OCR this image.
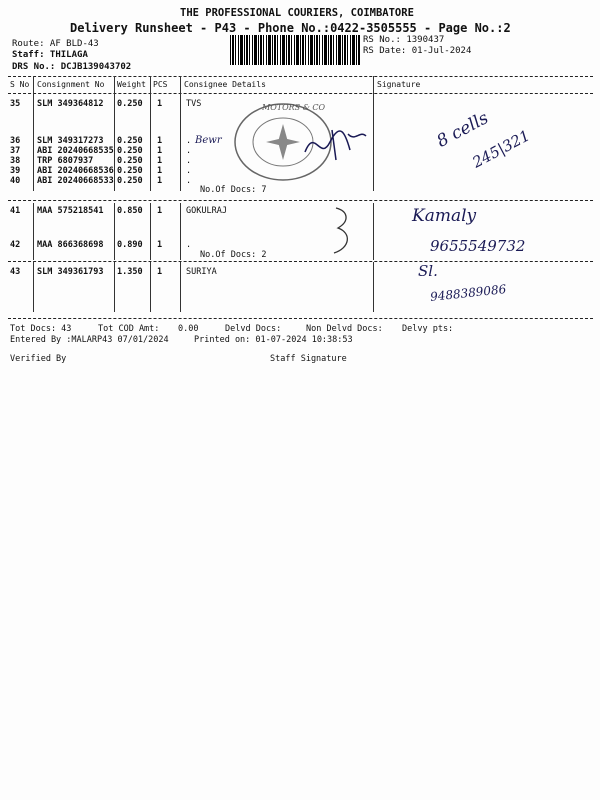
THE PROFESSIONAL COURIERS, COIMBATORE
Delivery Runsheet - P43 - Phone No.:0422-3505555 - Page No.:2
Route: AF BLD-43
Staff: THILAGA
DRS No.: DCJB139043702
RS No.: 1390437
RS Date: 01-Jul-2024
S No Consignment No Weight PCS Consignee Details	Signature
35 SLM 349364812 0.250 1	TVS
36 SLM 349317273 0.250 1	.
37 ABI 20240668535 0.250 1	.
38 TRP 6807937	0.250 1	.
39 ABI 20240668536 0.250 1	.
40 ABI 20240668533 0.250 1	.
No.Of Docs: 7
41 MAA 575218541 0.850 1	GOKULRAJ
42 MAA 866368698 0.890 1	.
No.Of Docs: 2
43 SLM 349361793 1.350 1	SURIYA
MOTORS & CO
Bewr	8 cells
245|321
Kamaly
9655549732
Sl.
9488389086
Tot Docs: 43	Tot COD Amt: 0.00	Delvd Docs:	Non Delvd Docs: Delvy pts:
Entered By :MALARP43 07/01/2024	Printed on: 01-07-2024 10:38:53
Verified By	Staff Signature
